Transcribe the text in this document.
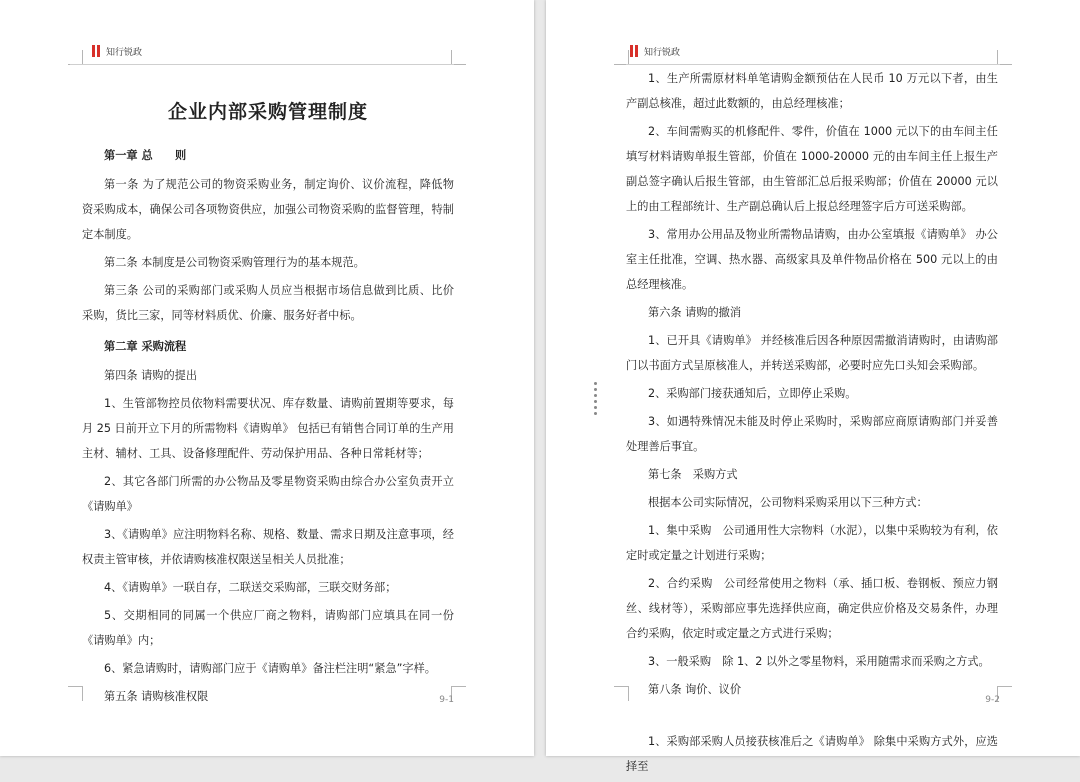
知行锐政
9-1
企业内部采购管理制度
第一章 总　　则

第一条 为了规范公司的物资采购业务，制定询价、议价流程，降低物资采购成本，确保公司各项物资供应，加强公司物资采购的监督管理，特制定本制度。

第二条 本制度是公司物资采购管理行为的基本规范。

第三条 公司的采购部门或采购人员应当根据市场信息做到比质、比价采购，货比三家，同等材料质优、价廉、服务好者中标。

第二章 采购流程
第四条 请购的提出

1、生管部物控员依物料需要状况、库存数量、请购前置期等要求，每月 25 日前开立下月的所需物料《请购单》 包括已有销售合同订单的生产用主材、辅材、工具、设备修理配件、劳动保护用品、各种日常耗材等；

2、其它各部门所需的办公物品及零星物资采购由综合办公室负责开立《请购单》

3、《请购单》应注明物料名称、规格、数量、需求日期及注意事项，经权责主管审核，并依请购核准权限送呈相关人员批准；

4、《请购单》一联自存，二联送交采购部，三联交财务部；

5、交期相同的同属一个供应厂商之物料，请购部门应填具在同一份《请购单》内；

6、紧急请购时，请购部门应于《请购单》备注栏注明“紧急”字样。

第五条 请购核准权限
知行锐政
9-2

1、生产所需原材料单笔请购金额预估在人民币 10 万元以下者，由生产副总核准，超过此数额的，由总经理核准；

2、车间需购买的机修配件、零件，价值在 1000 元以下的由车间主任填写材料请购单报生管部，价值在 1000-20000 元的由车间主任上报生产副总签字确认后报生管部，由生管部汇总后报采购部；价值在 20000 元以上的由工程部统计、生产副总确认后上报总经理签字后方可送采购部。

3、常用办公用品及物业所需物品请购，由办公室填报《请购单》 办公室主任批准，空调、热水器、高级家具及单件物品价格在 500 元以上的由总经理核准。

第六条 请购的撤消

1、已开具《请购单》 并经核准后因各种原因需撤消请购时，由请购部门以书面方式呈原核准人，并转送采购部，必要时应先口头知会采购部。

2、采购部门接获通知后，立即停止采购。

3、如遇特殊情况未能及时停止采购时，采购部应商原请购部门并妥善处理善后事宜。

第七条　采购方式

根据本公司实际情况，公司物料采购采用以下三种方式：

1、集中采购　公司通用性大宗物料（水泥），以集中采购较为有利，依定时或定量之计划进行采购；

2、合约采购　公司经常使用之物料（承、插口板、卷钢板、预应力钢丝、线材等），采购部应事先选择供应商，确定供应价格及交易条件，办理合约采购，依定时或定量之方式进行采购；

3、一般采购　除 1、2 以外之零星物料，采用随需求而采购之方式。

第八条 询价、议价

1、采购部采购人员接获核准后之《请购单》 除集中采购方式外，应选择至
